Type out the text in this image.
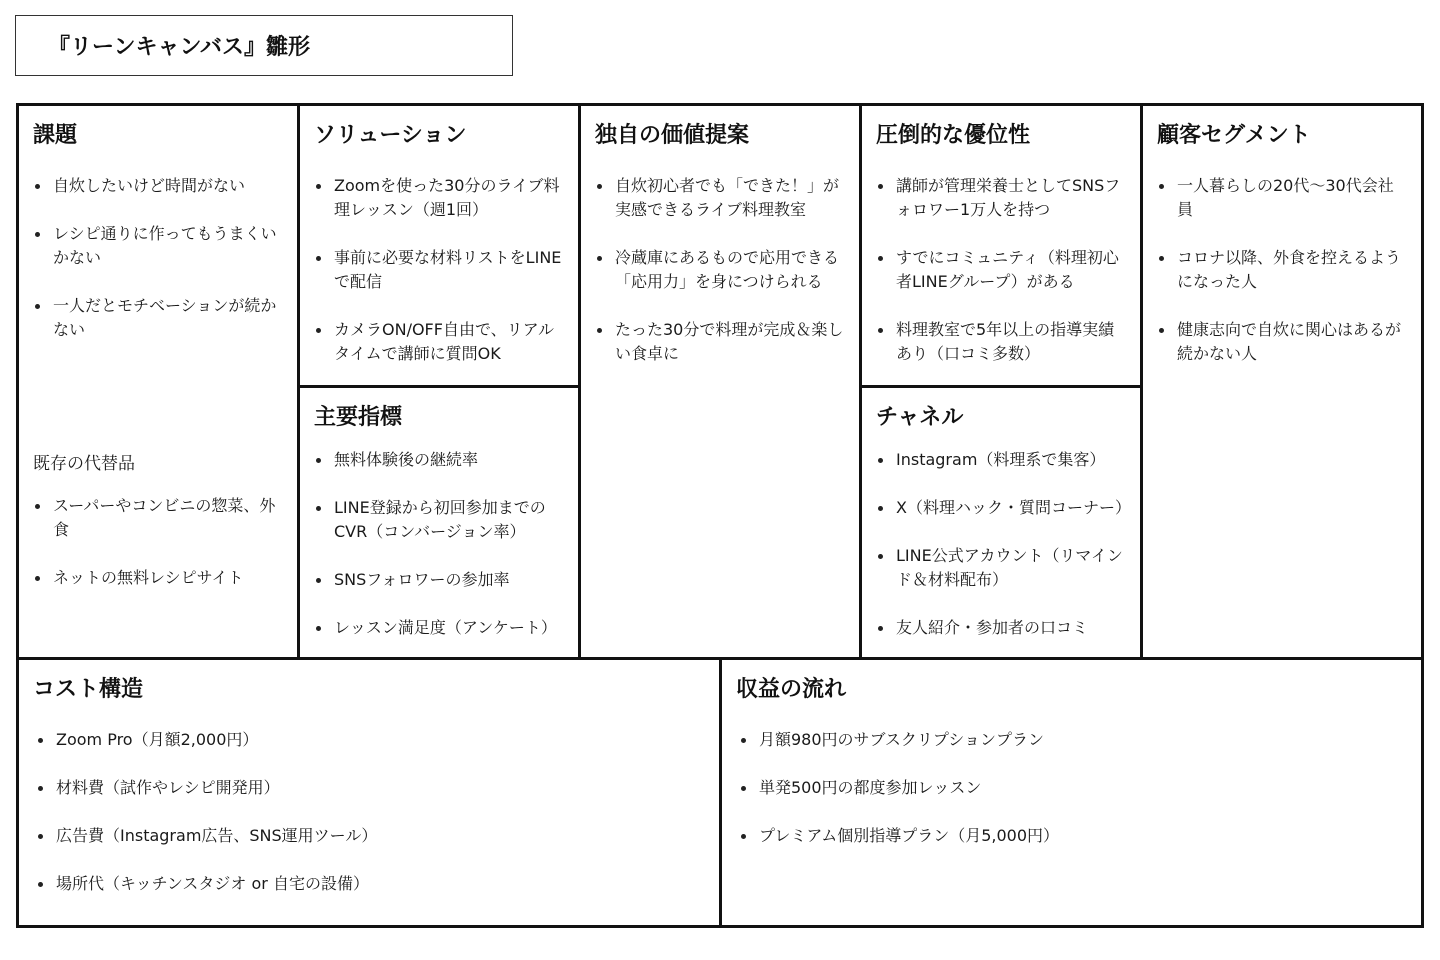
『リーンキャンバス』雛形
課題
自炊したいけど時間がない
レシピ通りに作ってもうまくいかない
一人だとモチベーションが続かない
既存の代替品
スーパーやコンビニの惣菜、外食
ネットの無料レシピサイト
ソリューション
Zoomを使った30分のライブ料理レッスン（週1回）
事前に必要な材料リストをLINEで配信
カメラON/OFF自由で、リアルタイムで講師に質問OK
主要指標
無料体験後の継続率
LINE登録から初回参加までのCVR（コンバージョン率）
SNSフォロワーの参加率
レッスン満足度（アンケート）
独自の価値提案
自炊初心者でも「できた！」が実感できるライブ料理教室
冷蔵庫にあるもので応用できる「応用力」を身につけられる
たった30分で料理が完成＆楽しい食卓に
圧倒的な優位性
講師が管理栄養士としてSNSフォロワー1万人を持つ
すでにコミュニティ（料理初心者LINEグループ）がある
料理教室で5年以上の指導実績あり（口コミ多数）
チャネル
Instagram（料理系で集客）
X（料理ハック・質問コーナー）
LINE公式アカウント（リマインド＆材料配布）
友人紹介・参加者の口コミ
顧客セグメント
一人暮らしの20代〜30代会社員
コロナ以降、外食を控えるようになった人
健康志向で自炊に関心はあるが続かない人
コスト構造
Zoom Pro（月額2,000円）
材料費（試作やレシピ開発用）
広告費（Instagram広告、SNS運用ツール）
場所代（キッチンスタジオ or 自宅の設備）
収益の流れ
月額980円のサブスクリプションプラン
単発500円の都度参加レッスン
プレミアム個別指導プラン（月5,000円）
